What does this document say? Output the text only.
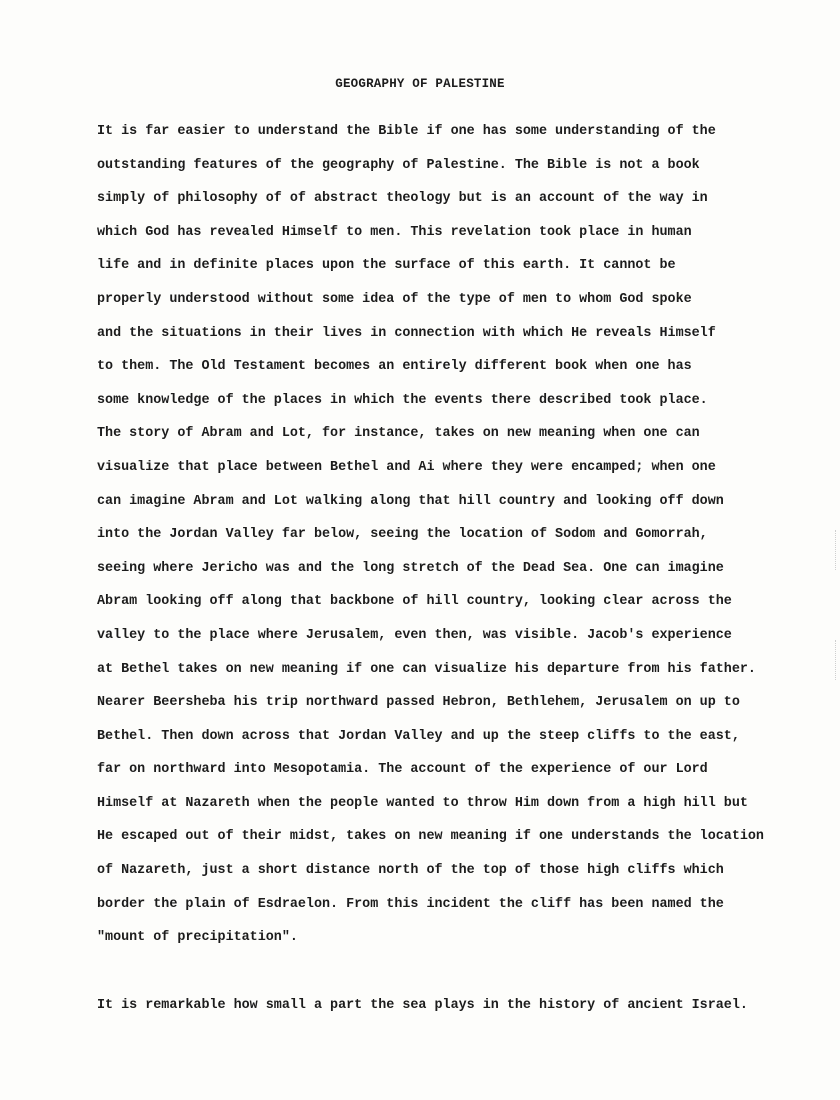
GEOGRAPHY OF PALESTINE
It is far easier to understand the Bible if one has some understanding of the
outstanding features of the geography of Palestine. The Bible is not a book
simply of philosophy of of abstract theology but is an account of the way in
which God has revealed Himself to men. This revelation took place in human
life and in definite places upon the surface of this earth. It cannot be
properly understood without some idea of the type of men to whom God spoke
and the situations in their lives in connection with which He reveals Himself
to them. The Old Testament becomes an entirely different book when one has
some knowledge of the places in which the events there described took place.
The story of Abram and Lot, for instance, takes on new meaning when one can
visualize that place between Bethel and Ai where they were encamped; when one
can imagine Abram and Lot walking along that hill country and looking off down
into the Jordan Valley far below, seeing the location of Sodom and Gomorrah,
seeing where Jericho was and the long stretch of the Dead Sea. One can imagine
Abram looking off along that backbone of hill country, looking clear across the
valley to the place where Jerusalem, even then, was visible. Jacob's experience
at Bethel takes on new meaning if one can visualize his departure from his father.
Nearer Beersheba his trip northward passed Hebron, Bethlehem, Jerusalem on up to
Bethel. Then down across that Jordan Valley and up the steep cliffs to the east,
far on northward into Mesopotamia. The account of the experience of our Lord
Himself at Nazareth when the people wanted to throw Him down from a high hill but
He escaped out of their midst, takes on new meaning if one understands the location
of Nazareth, just a short distance north of the top of those high cliffs which
border the plain of Esdraelon. From this incident the cliff has been named the
"mount of precipitation".
It is remarkable how small a part the sea plays in the history of ancient Israel.
